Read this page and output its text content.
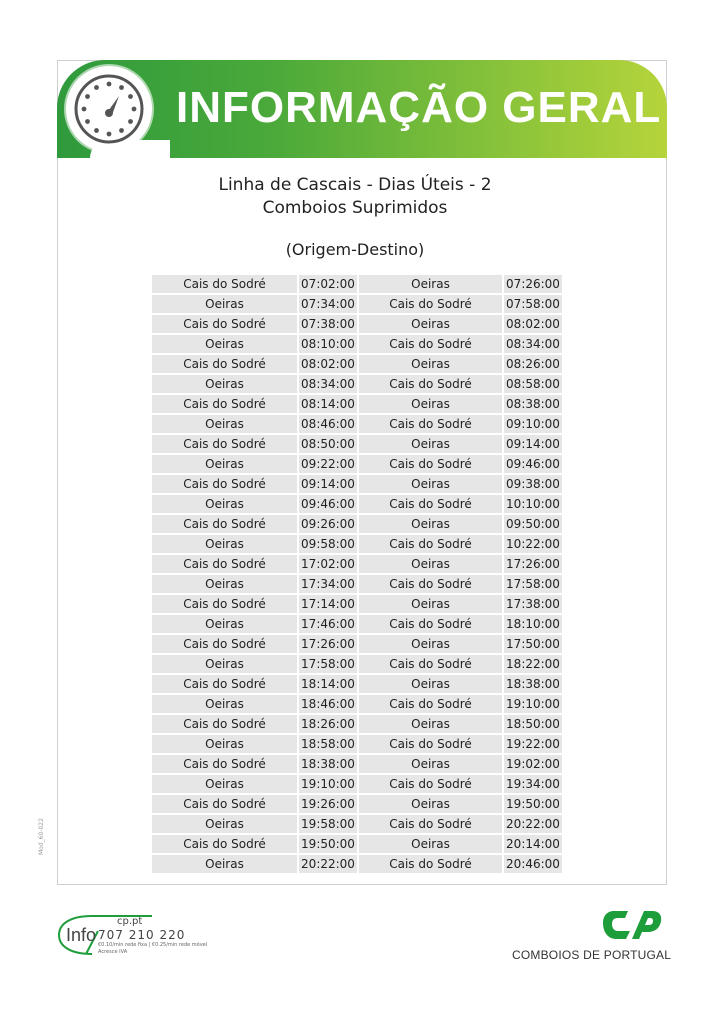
INFORMAÇÃO GERAL
Linha de Cascais - Dias Úteis - 2
Comboios Suprimidos
(Origem-Destino)
Cais do Sodré	07:02:00	Oeiras	07:26:00
Oeiras	07:34:00	Cais do Sodré	07:58:00
Cais do Sodré	07:38:00	Oeiras	08:02:00
Oeiras	08:10:00	Cais do Sodré	08:34:00
Cais do Sodré	08:02:00	Oeiras	08:26:00
Oeiras	08:34:00	Cais do Sodré	08:58:00
Cais do Sodré	08:14:00	Oeiras	08:38:00
Oeiras	08:46:00	Cais do Sodré	09:10:00
Cais do Sodré	08:50:00	Oeiras	09:14:00
Oeiras	09:22:00	Cais do Sodré	09:46:00
Cais do Sodré	09:14:00	Oeiras	09:38:00
Oeiras	09:46:00	Cais do Sodré	10:10:00
Cais do Sodré	09:26:00	Oeiras	09:50:00
Oeiras	09:58:00	Cais do Sodré	10:22:00
Cais do Sodré	17:02:00	Oeiras	17:26:00
Oeiras	17:34:00	Cais do Sodré	17:58:00
Cais do Sodré	17:14:00	Oeiras	17:38:00
Oeiras	17:46:00	Cais do Sodré	18:10:00
Cais do Sodré	17:26:00	Oeiras	17:50:00
Oeiras	17:58:00	Cais do Sodré	18:22:00
Cais do Sodré	18:14:00	Oeiras	18:38:00
Oeiras	18:46:00	Cais do Sodré	19:10:00
Cais do Sodré	18:26:00	Oeiras	18:50:00
Oeiras	18:58:00	Cais do Sodré	19:22:00
Cais do Sodré	18:38:00	Oeiras	19:02:00
Oeiras	19:10:00	Cais do Sodré	19:34:00
Cais do Sodré	19:26:00	Oeiras	19:50:00
Oeiras	19:58:00	Cais do Sodré	20:22:00
Cais do Sodré	19:50:00	Oeiras	20:14:00
Oeiras	20:22:00	Cais do Sodré	20:46:00
Mod_60-022
Info
cp.pt
707 210 220
€0.10/min rede fixa | €0.25/min rede móvel
Acresce IVA	COMBOIOS DE PORTUGAL
